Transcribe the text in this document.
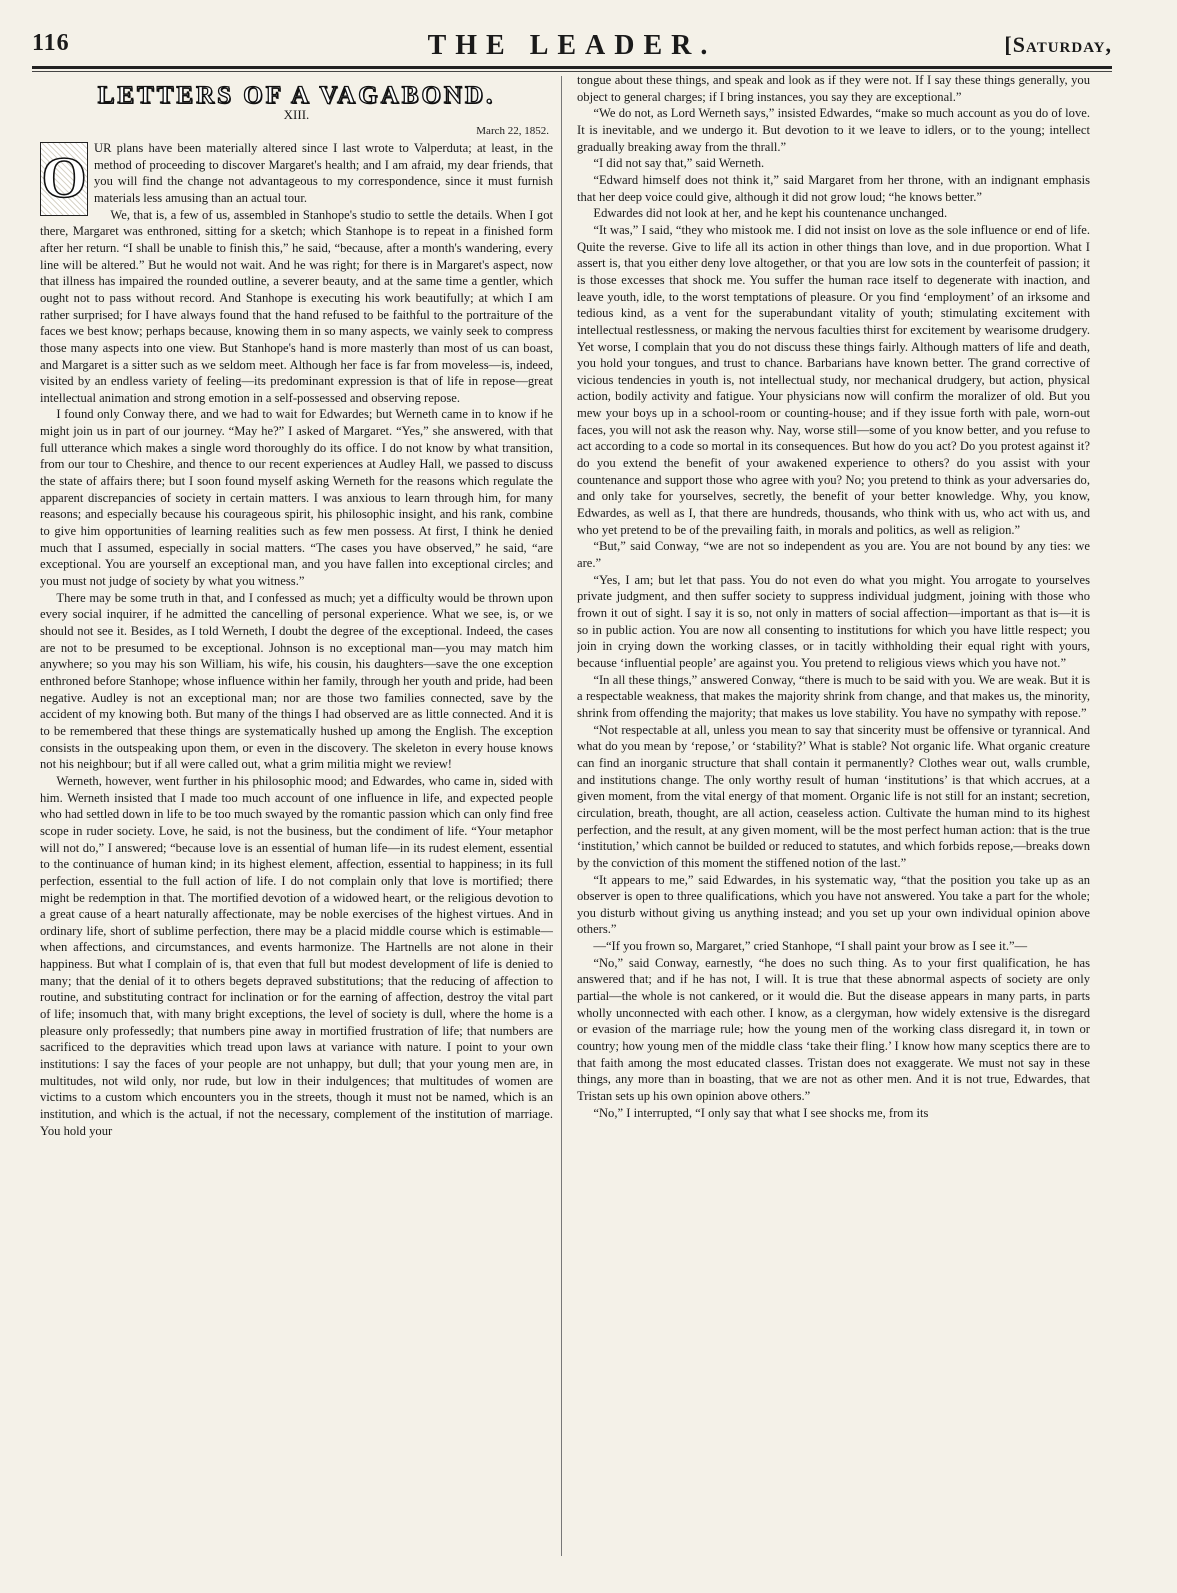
116	THE LEADER.	[Saturday,
LETTERS OF A VAGABOND.
XIII.
March 22, 1852.

O UR plans have been materially altered since I last wrote to Valperduta; at least, in the method of proceeding to discover Margaret's health; and I am afraid, my dear friends, that you will find the change not advantageous to my correspondence, since it must furnish materials less amusing than an actual tour.

We, that is, a few of us, assembled in Stanhope's studio to settle the details. When I got there, Margaret was enthroned, sitting for a sketch; which Stanhope is to repeat in a finished form after her return. “I shall be unable to finish this,” he said, “because, after a month's wandering, every line will be altered.” But he would not wait. And he was right; for there is in Margaret's aspect, now that illness has impaired the rounded outline, a severer beauty, and at the same time a gentler, which ought not to pass without record. And Stanhope is executing his work beautifully; at which I am rather surprised; for I have always found that the hand refused to be faithful to the portraiture of the faces we best know; perhaps because, knowing them in so many aspects, we vainly seek to compress those many aspects into one view. But Stanhope's hand is more masterly than most of us can boast, and Margaret is a sitter such as we seldom meet. Although her face is far from moveless—is, indeed, visited by an endless variety of feeling—its predominant expression is that of life in repose—great intellectual animation and strong emotion in a self-possessed and observing repose.

I found only Conway there, and we had to wait for Edwardes; but Werneth came in to know if he might join us in part of our journey. “May he?” I asked of Margaret. “Yes,” she answered, with that full utterance which makes a single word thoroughly do its office. I do not know by what transition, from our tour to Cheshire, and thence to our recent experiences at Audley Hall, we passed to discuss the state of affairs there; but I soon found myself asking Werneth for the reasons which regulate the apparent discrepancies of society in certain matters. I was anxious to learn through him, for many reasons; and especially because his courageous spirit, his philosophic insight, and his rank, combine to give him opportunities of learning realities such as few men possess. At first, I think he denied much that I assumed, especially in social matters. “The cases you have observed,” he said, “are exceptional. You are yourself an exceptional man, and you have fallen into exceptional circles; and you must not judge of society by what you witness.”

There may be some truth in that, and I confessed as much; yet a difficulty would be thrown upon every social inquirer, if he admitted the cancelling of personal experience. What we see, is, or we should not see it. Besides, as I told Werneth, I doubt the degree of the exceptional. Indeed, the cases are not to be presumed to be exceptional. Johnson is no exceptional man—you may match him anywhere; so you may his son William, his wife, his cousin, his daughters—save the one exception enthroned before Stanhope; whose influence within her family, through her youth and pride, had been negative. Audley is not an exceptional man; nor are those two families connected, save by the accident of my knowing both. But many of the things I had observed are as little connected. And it is to be remembered that these things are systematically hushed up among the English. The exception consists in the outspeaking upon them, or even in the discovery. The skeleton in every house knows not his neighbour; but if all were called out, what a grim militia might we review!

Werneth, however, went further in his philosophic mood; and Edwardes, who came in, sided with him. Werneth insisted that I made too much account of one influence in life, and expected people who had settled down in life to be too much swayed by the romantic passion which can only find free scope in ruder society. Love, he said, is not the business, but the condiment of life. “Your metaphor will not do,” I answered; “because love is an essential of human life—in its rudest element, essential to the continuance of human kind; in its highest element, affection, essential to happiness; in its full perfection, essential to the full action of life. I do not complain only that love is mortified; there might be redemption in that. The mortified devotion of a widowed heart, or the religious devotion to a great cause of a heart naturally affectionate, may be noble exercises of the highest virtues. And in ordinary life, short of sublime perfection, there may be a placid middle course which is estimable—when affections, and circumstances, and events harmonize. The Hartnells are not alone in their happiness. But what I complain of is, that even that full but modest development of life is denied to many; that the denial of it to others begets depraved substitutions; that the reducing of affection to routine, and substituting contract for inclination or for the earning of affection, destroy the vital part of life; insomuch that, with many bright exceptions, the level of society is dull, where the home is a pleasure only professedly; that numbers pine away in mortified frustration of life; that numbers are sacrificed to the depravities which tread upon laws at variance with nature. I point to your own institutions: I say the faces of your people are not unhappy, but dull; that your young men are, in multitudes, not wild only, nor rude, but low in their indulgences; that multitudes of women are victims to a custom which encounters you in the streets, though it must not be named, which is an institution, and which is the actual, if not the necessary, complement of the institution of marriage. You hold your

tongue about these things, and speak and look as if they were not. If I say these things generally, you object to general charges; if I bring instances, you say they are exceptional.”

“We do not, as Lord Werneth says,” insisted Edwardes, “make so much account as you do of love. It is inevitable, and we undergo it. But devotion to it we leave to idlers, or to the young; intellect gradually breaking away from the thrall.”

“I did not say that,” said Werneth.

“Edward himself does not think it,” said Margaret from her throne, with an indignant emphasis that her deep voice could give, although it did not grow loud; “he knows better.”

Edwardes did not look at her, and he kept his countenance unchanged.

“It was,” I said, “they who mistook me. I did not insist on love as the sole influence or end of life. Quite the reverse. Give to life all its action in other things than love, and in due proportion. What I assert is, that you either deny love altogether, or that you are low sots in the counterfeit of passion; it is those excesses that shock me. You suffer the human race itself to degenerate with inaction, and leave youth, idle, to the worst temptations of pleasure. Or you find ‘employment’ of an irksome and tedious kind, as a vent for the superabundant vitality of youth; stimulating excitement with intellectual restlessness, or making the nervous faculties thirst for excitement by wearisome drudgery. Yet worse, I complain that you do not discuss these things fairly. Although matters of life and death, you hold your tongues, and trust to chance. Barbarians have known better. The grand corrective of vicious tendencies in youth is, not intellectual study, nor mechanical drudgery, but action, physical action, bodily activity and fatigue. Your physicians now will confirm the moralizer of old. But you mew your boys up in a school-room or counting-house; and if they issue forth with pale, worn-out faces, you will not ask the reason why. Nay, worse still—some of you know better, and you refuse to act according to a code so mortal in its consequences. But how do you act? Do you protest against it? do you extend the benefit of your awakened experience to others? do you assist with your countenance and support those who agree with you? No; you pretend to think as your adversaries do, and only take for yourselves, secretly, the benefit of your better knowledge. Why, you know, Edwardes, as well as I, that there are hundreds, thousands, who think with us, who act with us, and who yet pretend to be of the prevailing faith, in morals and politics, as well as religion.”

“But,” said Conway, “we are not so independent as you are. You are not bound by any ties: we are.”

“Yes, I am; but let that pass. You do not even do what you might. You arrogate to yourselves private judgment, and then suffer society to suppress individual judgment, joining with those who frown it out of sight. I say it is so, not only in matters of social affection—important as that is—it is so in public action. You are now all consenting to institutions for which you have little respect; you join in crying down the working classes, or in tacitly withholding their equal right with yours, because ‘influential people’ are against you. You pretend to religious views which you have not.”

“In all these things,” answered Conway, “there is much to be said with you. We are weak. But it is a respectable weakness, that makes the majority shrink from change, and that makes us, the minority, shrink from offending the majority; that makes us love stability. You have no sympathy with repose.”

“Not respectable at all, unless you mean to say that sincerity must be offensive or tyrannical. And what do you mean by ‘repose,’ or ‘stability?’ What is stable? Not organic life. What organic creature can find an inorganic structure that shall contain it permanently? Clothes wear out, walls crumble, and institutions change. The only worthy result of human ‘institutions’ is that which accrues, at a given moment, from the vital energy of that moment. Organic life is not still for an instant; secretion, circulation, breath, thought, are all action, ceaseless action. Cultivate the human mind to its highest perfection, and the result, at any given moment, will be the most perfect human action: that is the true ‘institution,’ which cannot be builded or reduced to statutes, and which forbids repose,—breaks down by the conviction of this moment the stiffened notion of the last.”

“It appears to me,” said Edwardes, in his systematic way, “that the position you take up as an observer is open to three qualifications, which you have not answered. You take a part for the whole; you disturb without giving us anything instead; and you set up your own individual opinion above others.”

—“If you frown so, Margaret,” cried Stanhope, “I shall paint your brow as I see it.”—

“No,” said Conway, earnestly, “he does no such thing. As to your first qualification, he has answered that; and if he has not, I will. It is true that these abnormal aspects of society are only partial—the whole is not cankered, or it would die. But the disease appears in many parts, in parts wholly unconnected with each other. I know, as a clergyman, how widely extensive is the disregard or evasion of the marriage rule; how the young men of the working class disregard it, in town or country; how young men of the middle class ‘take their fling.’ I know how many sceptics there are to that faith among the most educated classes. Tristan does not exaggerate. We must not say in these things, any more than in boasting, that we are not as other men. And it is not true, Edwardes, that Tristan sets up his own opinion above others.”

“No,” I interrupted, “I only say that what I see shocks me, from its
